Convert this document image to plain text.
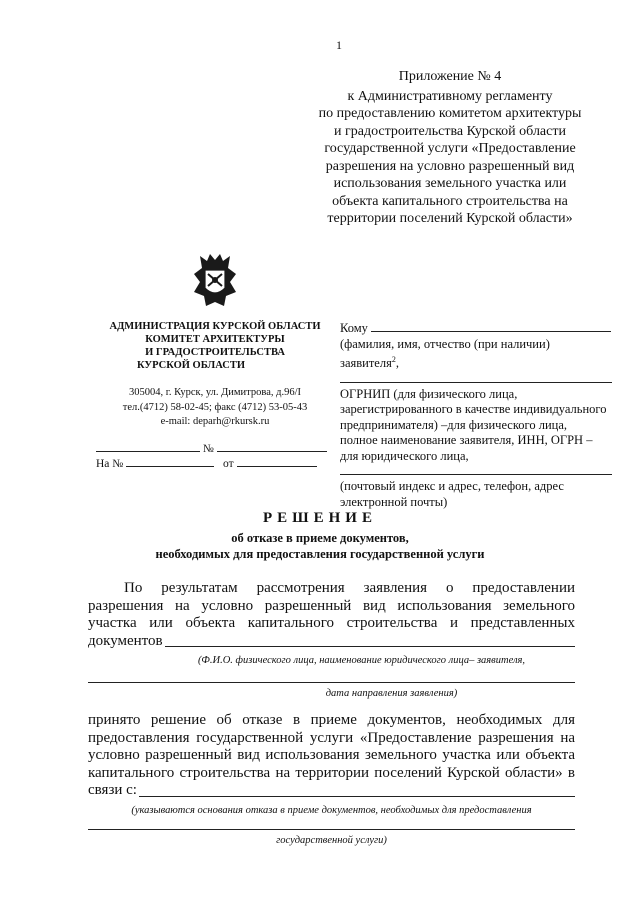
1
Приложение № 4
к Административному регламенту
по предоставлению комитетом архитектуры
и градостроительства Курской области
государственной услуги «Предоставление
разрешения на условно разрешенный вид
использования земельного участка или
объекта капитального строительства на
территории поселений Курской области»
АДМИНИСТРАЦИЯ КУРСКОЙ ОБЛАСТИ
КОМИТЕТ АРХИТЕКТУРЫ
И ГРАДОСТРОИТЕЛЬСТВА
КУРСКОЙ ОБЛАСТИ
305004, г. Курск, ул. Димитрова, д.96/I
тел.(4712) 58-02-45; факс (4712) 53-05-43
e-mail: deparh@rkursk.ru
№
На №	от
Кому
(фамилия, имя, отчество (при наличии)
заявителя$^2$,
ОГРНИП (для физического лица,
зарегистрированного в качестве индивидуального
предпринимателя) –для физического лица,
полное наименование заявителя, ИНН, ОГРН –
для юридического лица,
(почтовый индекс и адрес, телефон, адрес
электронной почты)
РЕШЕНИЕ
об отказе в приеме документов,
необходимых для предоставления государственной услуги
По результатам рассмотрения заявления о предоставлении
разрешения на условно разрешенный вид использования земельного
участка или объекта капитального строительства и представленных
документов
(Ф.И.О. физического лица, наименование юридического лица– заявителя,
дата направления заявления)
принято решение об отказе в приеме документов, необходимых для
предоставления государственной услуги «Предоставление разрешения на
условно разрешенный вид использования земельного участка или объекта
капитального строительства на территории поселений Курской области» в
связи с:
(указываются основания отказа в приеме документов, необходимых для предоставления
государственной услуги)
